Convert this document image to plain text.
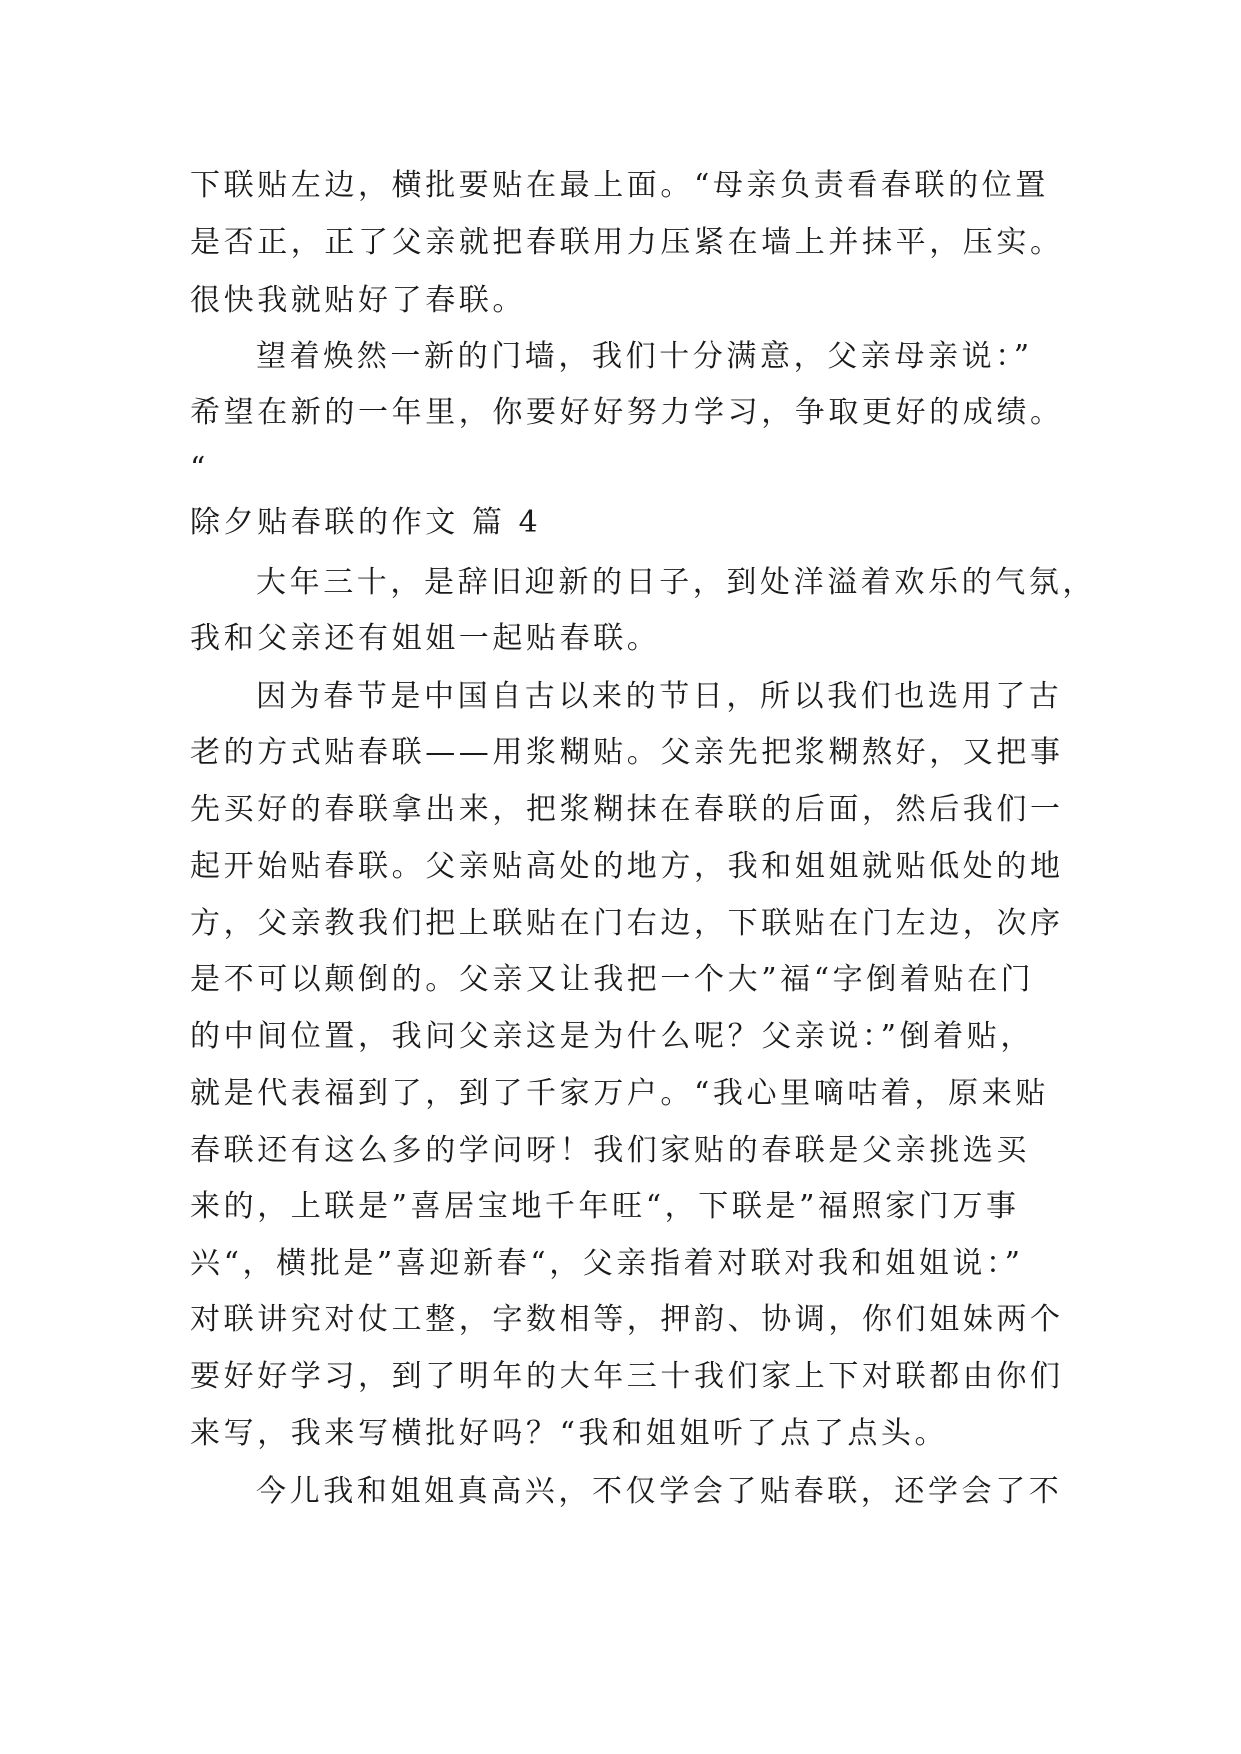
下联贴左边，横批要贴在最上面。“母亲负责看春联的位置
是否正，正了父亲就把春联用力压紧在墙上并抹平，压实。
很快我就贴好了春联。
望着焕然一新的门墙，我们十分满意，父亲母亲说：”
希望在新的一年里，你要好好努力学习，争取更好的成绩。
“
除夕贴春联的作文 篇 4
大年三十，是辞旧迎新的日子，到处洋溢着欢乐的气氛，
我和父亲还有姐姐一起贴春联。
因为春节是中国自古以来的节日，所以我们也选用了古
老的方式贴春联——用浆糊贴。父亲先把浆糊熬好，又把事
先买好的春联拿出来，把浆糊抹在春联的后面，然后我们一
起开始贴春联。父亲贴高处的地方，我和姐姐就贴低处的地
方，父亲教我们把上联贴在门右边，下联贴在门左边，次序
是不可以颠倒的。父亲又让我把一个大”福“字倒着贴在门
的中间位置，我问父亲这是为什么呢？父亲说：”倒着贴，
就是代表福到了，到了千家万户。“我心里嘀咕着，原来贴
春联还有这么多的学问呀！我们家贴的春联是父亲挑选买
来的，上联是”喜居宝地千年旺“，下联是”福照家门万事
兴“，横批是”喜迎新春“，父亲指着对联对我和姐姐说：”
对联讲究对仗工整，字数相等，押韵、协调，你们姐妹两个
要好好学习，到了明年的大年三十我们家上下对联都由你们
来写，我来写横批好吗？“我和姐姐听了点了点头。
今儿我和姐姐真高兴，不仅学会了贴春联，还学会了不
